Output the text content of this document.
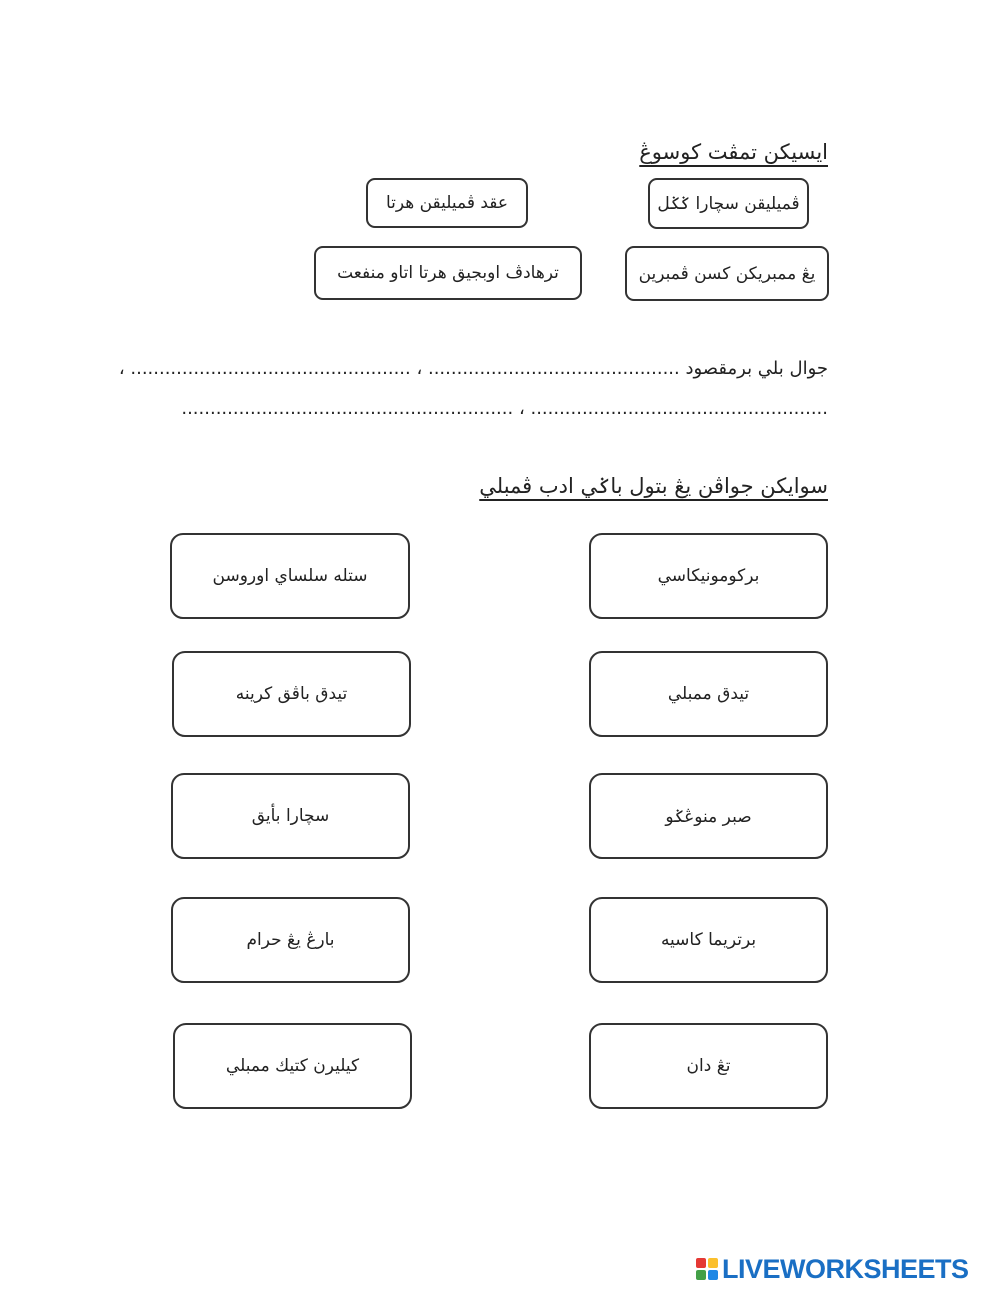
ايسيكن تمڤت كوسوڠ
ڤميليقن سچارا ݢݢل
عقد ڤميليقن هرتا
يڠ ممبريكن كسن ڤمبرين
ترهادڤ اوبجيق هرتا اتاو منفعت
جوال بلي برمقصود ............................................ ، ................................................. ،
.................................................... ، ..........................................................
سوايكن جواڤن يڠ بتول باݢي ادب ڤمبلي
ستله سلساي اوروسن
تيدق باڤق كرينه
سچارا بأيق
بارڠ يڠ حرام
كيليرن كتيك ممبلي
بركومونيكاسي
تيدق ممبلي
صبر منوڠݢو
برتريما كاسيه
تڠ دان
LIVEWORKSHEETS
